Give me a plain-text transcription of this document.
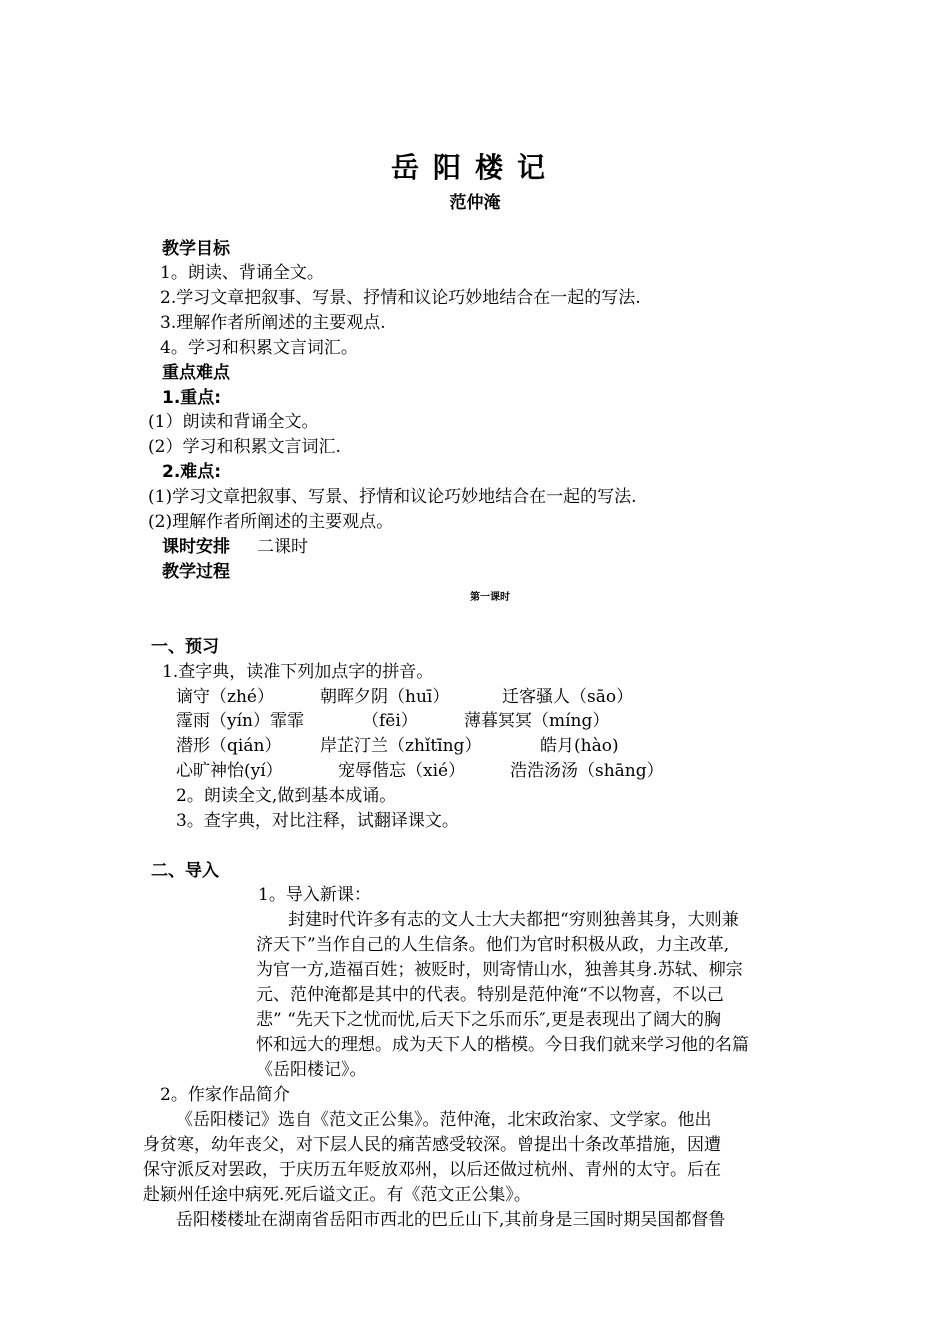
岳阳楼记
范仲淹
教学目标
1。朗读、背诵全文。
2.学习文章把叙事、写景、抒情和议论巧妙地结合在一起的写法.
3.理解作者所阐述的主要观点.
4。学习和积累文言词汇。
重点难点
1.重点:
(1）朗读和背诵全文。
(2）学习和积累文言词汇.
2.难点:
(1)学习文章把叙事、写景、抒情和议论巧妙地结合在一起的写法.
(2)理解作者所阐述的主要观点。
课时安排 二课时
教学过程
第一课时
一、预习
1.查字典，读准下列加点字的拼音。
谪守（zhé）	朝晖夕阴（huī）	迁客骚人（sāo）
霪雨（yín）霏霏	（fēi）	薄暮冥冥（míng）
潜形（qián） 岸芷汀兰（zhǐtīng）	皓月(hào)
心旷神怡(yí）	宠辱偕忘（xié）	浩浩汤汤（shāng）
2。朗读全文,做到基本成诵。
3。查字典，对比注释，试翻译课文。
二、导入
1。导入新课：
封建时代许多有志的文人士大夫都把“穷则独善其身，大则兼
济天下”当作自己的人生信条。他们为官时积极从政，力主改革,
为官一方,造福百姓；被贬时，则寄情山水，独善其身.苏轼、柳宗
元、范仲淹都是其中的代表。特别是范仲淹“不以物喜，不以己
悲” “先天下之忧而忧,后天下之乐而乐″,更是表现出了阔大的胸
怀和远大的理想。成为天下人的楷模。今日我们就来学习他的名篇
《岳阳楼记》。
2。作家作品简介
《岳阳楼记》选自《范文正公集》。范仲淹，北宋政治家、文学家。他出
身贫寒，幼年丧父，对下层人民的痛苦感受较深。曾提出十条改革措施，因遭
保守派反对罢政，于庆历五年贬放邓州，以后还做过杭州、青州的太守。后在
赴颍州任途中病死.死后谥文正。有《范文正公集》。
岳阳楼楼址在湖南省岳阳市西北的巴丘山下,其前身是三国时期吴国都督鲁
